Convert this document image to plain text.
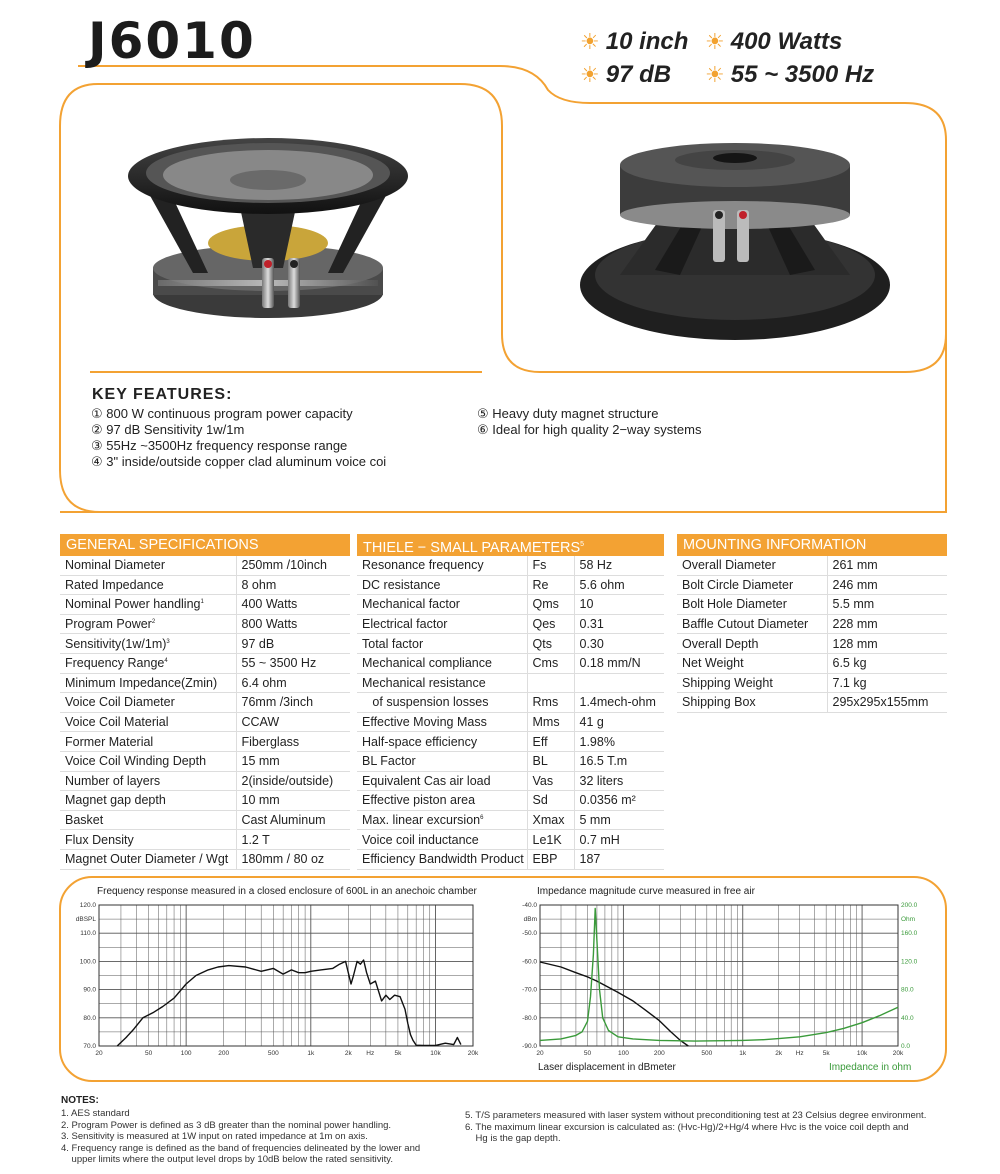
J6010	☀ 10 inch ☀ 400 Watts
☀ 97 dB ☀ 55 ~ 3500 Hz
KEY FEATURES:
① 800 W continuous program power capacity
② 97 dB Sensitivity 1w/1m
③ 55Hz ~3500Hz frequency response range
④ 3" inside/outside copper clad aluminum voice coi
⑤ Heavy duty magnet structure
⑥ Ideal for high quality 2−way systems
GENERAL SPECIFICATIONS
Nominal Diameter	250mm /10inch
Rated Impedance	8 ohm
Nominal Power handling$^1$	400 Watts
Program Power$^2$	800 Watts
$Sensitivity(1w/1m)^3$	97 dB
Frequency Range$^4$	55 ~ 3500 Hz
Minimum Impedance(Zmin)	6.4 ohm
Voice Coil Diameter	76mm /3inch
Voice Coil Material	CCAW
Former Material	Fiberglass
Voice Coil Winding Depth	15 mm
Number of layers	2(inside/outside)
Magnet gap depth	10 mm
Basket	Cast Aluminum
Flux Density	1.2 T
Magnet Outer Diameter / Wgt	180mm / 80 oz
THIELE − SMALL PARAMETERS$^5$
Resonance frequency	Fs	58 Hz
DC resistance	Re	5.6 ohm
Mechanical factor	Qms	10
Electrical factor	Qes	0.31
Total factor	Qts	0.30
Mechanical compliance	Cms	0.18 mm/N
Mechanical resistance		
of suspension losses	Rms	1.4mech-ohm
Effective Moving Mass	Mms	41 g
Half-space efficiency	Eff	1.98%
BL Factor	BL	16.5 T.m
Equivalent Cas air load	Vas	32 liters
Effective piston area	Sd	0.0356 m²
Max. linear excursion$^6$	Xmax	5 mm
Voice coil inductance	Le1K	0.7 mH
Efficiency Bandwidth Product	EBP	187
MOUNTING INFORMATION
Overall Diameter	261 mm
Bolt Circle Diameter	246 mm
Bolt Hole Diameter	5.5 mm
Baffle Cutout Diameter	228 mm
Overall Depth	128 mm
Net Weight	6.5 kg
Shipping Weight	7.1 kg
Shipping Box	295x295x155mm
Frequency response measured in a closed enclosure of 600L in an anechoic chamber
120.0
110.0
100.0
90.0
80.0
70.0
20	50	100	200	500	1k	2k	5k	10k	20k
dBSPL
Hz
Impedance magnitude curve measured in free air
-40.0
-50.0
-60.0
-70.0
-80.0
-90.0
200.0
160.0
120.0
80.0
40.0
0.0
20	50	100	200	500	1k	2k	5k	10k	20k
dBm	Ohm
Hz
Laser displacement in dBmeter	Impedance in ohm
NOTES:
1. AES standard
2. Program Power is defined as 3 dB greater than the nominal power handling.
3. Sensitivity is measured at 1W input on rated impedance at 1m on axis.
4. Frequency range is defined as the band of frequencies delineated by the lower and
upper limits where the output level drops by 10dB below the rated sensitivity.
5. T/S parameters measured with laser system without preconditioning test at 23 Celsius degree environment.
6. The maximum linear excursion is calculated as: (Hvc-Hg)/2+Hg/4 where Hvc is the voice coil depth and
Hg is the gap depth.
